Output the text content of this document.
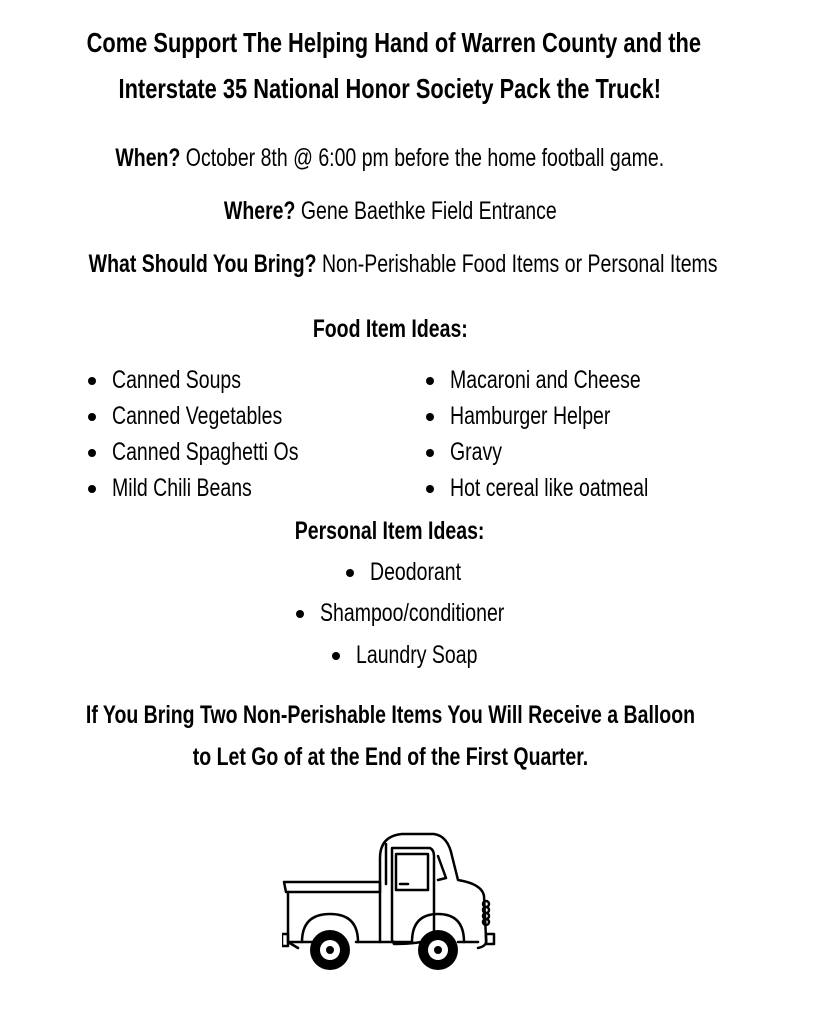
Come Support The Helping Hand of Warren County and the
Interstate 35 National Honor Society Pack the Truck!
When? October 8th @ 6:00 pm before the home football game.
Where? Gene Baethke Field Entrance
What Should You Bring? Non-Perishable Food Items or Personal Items
Food Item Ideas:
Canned Soups
Canned Vegetables
Canned Spaghetti Os
Mild Chili Beans
Macaroni and Cheese
Hamburger Helper
Gravy
Hot cereal like oatmeal
Personal Item Ideas:
Deodorant
Shampoo/conditioner
Laundry Soap
If You Bring Two Non-Perishable Items You Will Receive a Balloon
to Let Go of at the End of the First Quarter.
